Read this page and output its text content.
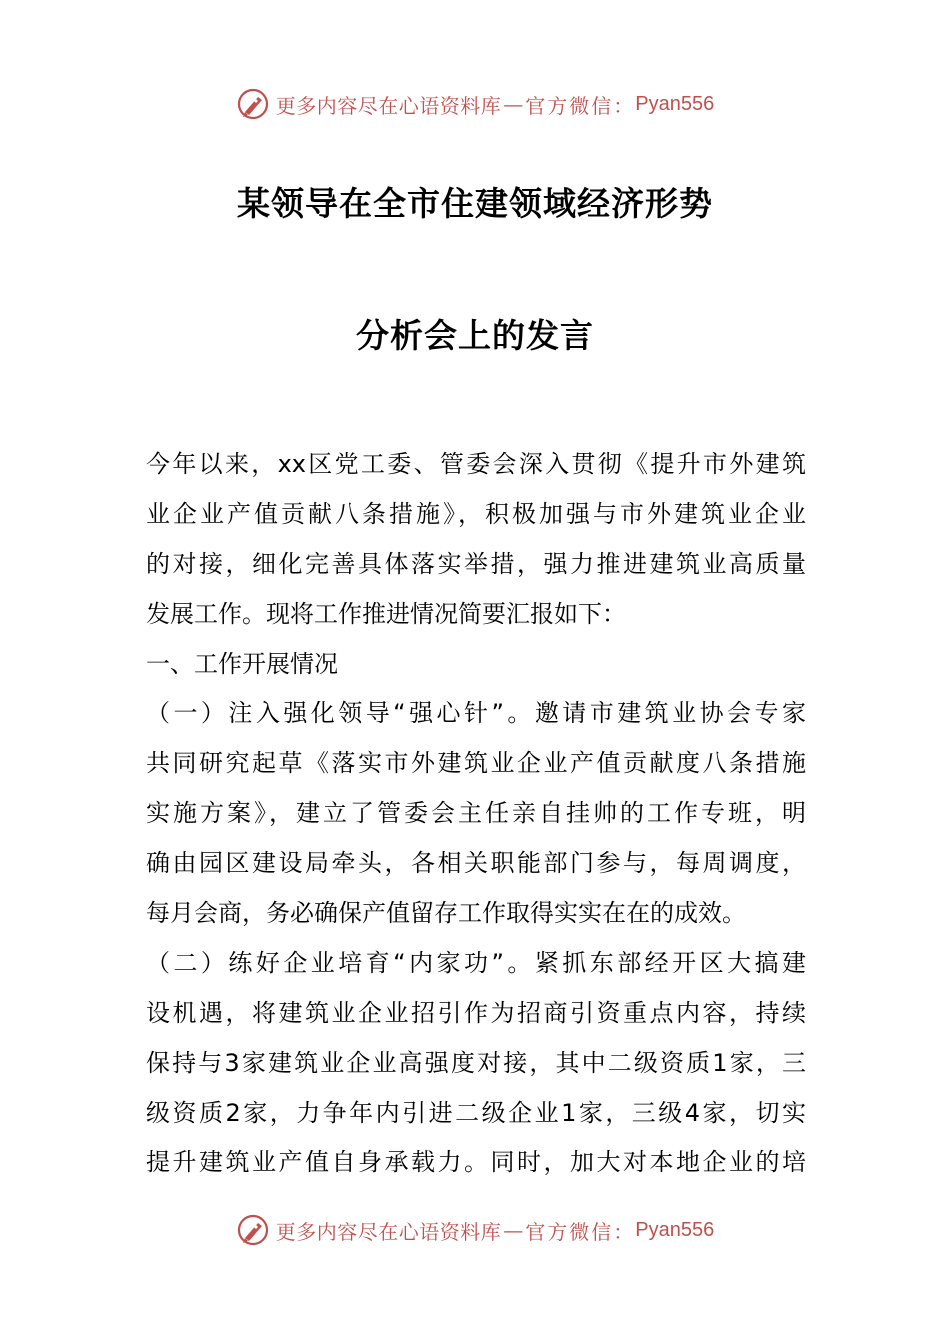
更多内容尽在心语资料库 — 官方微信： Pyan556
某领导在全市住建领域经济形势
分析会上的发言
今年以来，xx区党工委、管委会深入贯彻《提升市外建筑
业企业产值贡献八条措施》，积极加强与市外建筑业企业
的对接，细化完善具体落实举措，强力推进建筑业高质量
发展工作。现将工作推进情况简要汇报如下：
一、工作开展情况
（一）注入强化领导“强心针”。邀请市建筑业协会专家
共同研究起草《落实市外建筑业企业产值贡献度八条措施
实施方案》，建立了管委会主任亲自挂帅的工作专班，明
确由园区建设局牵头，各相关职能部门参与，每周调度，
每月会商，务必确保产值留存工作取得实实在在的成效。
（二）练好企业培育“内家功”。紧抓东部经开区大搞建
设机遇，将建筑业企业招引作为招商引资重点内容，持续
保持与3家建筑业企业高强度对接，其中二级资质1家，三
级资质2家，力争年内引进二级企业1家，三级4家，切实
提升建筑业产值自身承载力。同时，加大对本地企业的培
更多内容尽在心语资料库 — 官方微信： Pyan556
